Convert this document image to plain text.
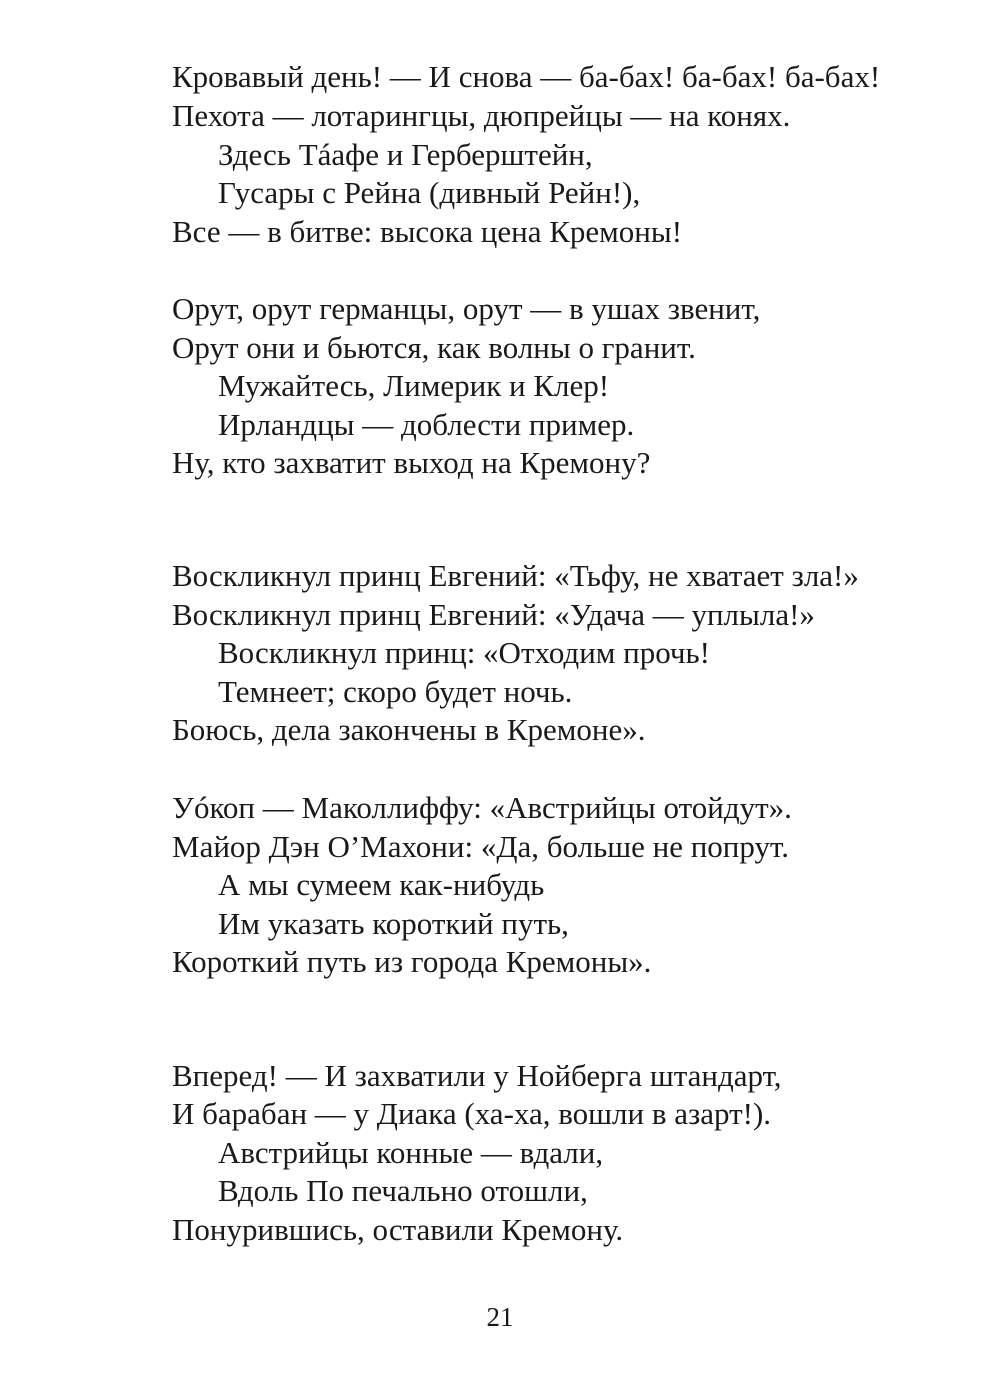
Кровавый день! — И снова — ба-бах! ба-бах! ба-бах!
Пехота — лотарингцы, дюпрейцы — на конях.
Здесь Тáафе и Герберштейн,
Гусары с Рейна (дивный Рейн!),
Все — в битве: высока цена Кремоны!
Орут, орут германцы, орут — в ушах звенит,
Орут они и бьются, как волны о гранит.
Мужайтесь, Лимерик и Клер!
Ирландцы — доблести пример.
Ну, кто захватит выход на Кремону?
Воскликнул принц Евгений: «Тьфу, не хватает зла!»
Воскликнул принц Евгений: «Удача — уплыла!»
Воскликнул принц: «Отходим прочь!
Темнеет; скоро будет ночь.
Боюсь, дела закончены в Кремоне».
Уóкоп — Маколлиффу: «Австрийцы отойдут».
Майор Дэн О’Махони: «Да, больше не попрут.
А мы сумеем как-нибудь
Им указать короткий путь,
Короткий путь из города Кремоны».
Вперед! — И захватили у Нойберга штандарт,
И барабан — у Диака (ха-ха, вошли в азарт!).
Австрийцы конные — вдали,
Вдоль По печально отошли,
Понурившись, оставили Кремону.
21
